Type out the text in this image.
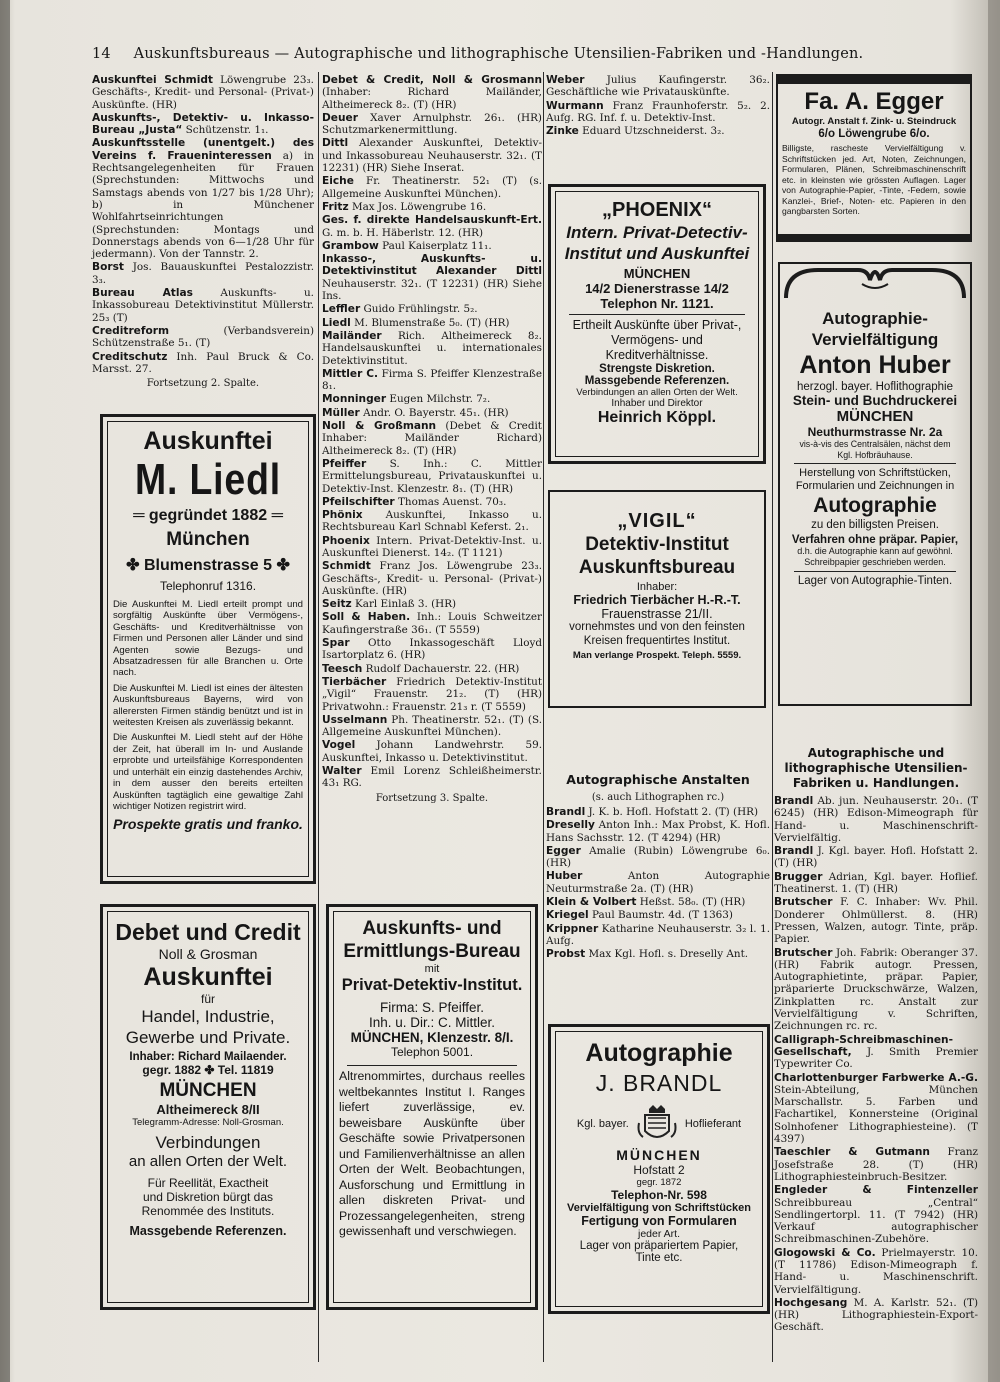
14 Auskunftsbureaus — Autographische und lithographische Utensilien-Fabriken und -Handlungen.

Auskunftei Schmidt Löwengrube 23₃. Geschäfts-, Kredit- und Personal- (Privat-) Auskünfte. (HR)

Auskunfts-, Detektiv- u. Inkasso-Bureau „Justa“ Schützenstr. 1₁.

Auskunftsstelle (unentgelt.) des Vereins f. Fraueninteressen a) in Rechtsangelegenheiten für Frauen (Sprechstunden: Mittwochs und Samstags abends von 1/27 bis 1/28 Uhr); b) in Münchener Wohlfahrtseinrichtungen (Sprechstunden: Montags und Donnerstags abends von 6—1/28 Uhr für jedermann). Von der Tannstr. 2.

Borst Jos. Bauauskunftei Pestalozzistr. 3₃.

Bureau Atlas Auskunfts- u. Inkassobureau Detektivinstitut Müllerstr. 25₃ (T)

Creditreform (Verbandsverein) Schützenstraße 5₁. (T)

Creditschutz Inh. Paul Bruck & Co. Marsst. 27.

Fortsetzung 2. Spalte.
Auskunftei
M. Liedl
═ gegründet 1882 ═
München
✤ Blumenstrasse 5 ✤
Telephonruf 1316.
Die Auskunftei M. Liedl erteilt prompt und sorgfältig Auskünfte über Vermögens-, Geschäfts- und Kreditverhältnisse von Firmen und Personen aller Länder und sind Agenten sowie Bezugs- und Absatzadressen für alle Branchen u. Orte nach.
Die Auskunftei M. Liedl ist eines der ältesten Auskunftsbureaus Bayerns, wird von allerersten Firmen ständig benützt und ist in weitesten Kreisen als zuverlässig bekannt.
Die Auskunftei M. Liedl steht auf der Höhe der Zeit, hat überall im In- und Auslande erprobte und urteilsfähige Korrespondenten und unterhält ein einzig dastehendes Archiv, in dem ausser den bereits erteilten Auskünften tagtäglich eine gewaltige Zahl wichtiger Notizen registrirt wird.
Prospekte gratis und franko.
Debet und Credit
Noll & Grosman
Auskunftei
für
Handel, Industrie,
Gewerbe und Private.
Inhaber: Richard Mailaender.
gegr. 1882 ✤ Tel. 11819
MÜNCHEN
Altheimereck 8/II
Telegramm-Adresse: Noll-Grosman.
Verbindungen
an allen Orten der Welt.
Für Reellität, Exactheit
und Diskretion bürgt das
Renommée des Instituts.
Massgebende Referenzen.

Debet & Credit, Noll & Grosmann (Inhaber: Richard Mailänder, Altheimereck 8₂. (T) (HR)

Deuer Xaver Arnulphstr. 26₁. (HR) Schutzmarkenermittlung.

Dittl Alexander Auskunftei, Detektiv- und Inkassobureau Neuhauserstr. 32₁. (T 12231) (HR) Siehe Inserat.

Eiche Fr. Theatinerstr. 52₁ (T) (s. Allgemeine Auskunftei München).

Fritz Max Jos. Löwengrube 16.

Ges. f. direkte Handelsauskunft-Ert. G. m. b. H. Häberlstr. 12. (HR)

Grambow Paul Kaiserplatz 11₁.

Inkasso-, Auskunfts- u. Detektivinstitut Alexander Dittl Neuhauserstr. 32₁. (T 12231) (HR) Siehe Ins.

Leffler Guido Frühlingstr. 5₂.

Liedl M. Blumenstraße 5₀. (T) (HR)

Mailänder Rich. Altheimereck 8₂. Handelsauskunftei u. internationales Detektivinstitut.

Mittler C. Firma S. Pfeiffer Klenzestraße 8₁.

Monninger Eugen Milchstr. 7₂.

Müller Andr. O. Bayerstr. 45₁. (HR)

Noll & Großmann (Debet & Credit Inhaber: Mailänder Richard) Altheimereck 8₂. (T) (HR)

Pfeiffer S. Inh.: C. Mittler Ermittelungsbureau, Privatauskunftei u. Detektiv-Inst. Klenzestr. 8₁. (T) (HR)

Pfeilschifter Thomas Auenst. 70₃.

Phönix Auskunftei, Inkasso u. Rechtsbureau Karl Schnabl Keferst. 2₁.

Phoenix Intern. Privat-Detektiv-Inst. u. Auskunftei Dienerst. 14₂. (T 1121)

Schmidt Franz Jos. Löwengrube 23₃. Geschäfts-, Kredit- u. Personal- (Privat-) Auskünfte. (HR)

Seitz Karl Einlaß 3. (HR)

Soll & Haben. Inh.: Louis Schweitzer Kaufingerstraße 36₁. (T 5559)

Spar Otto Inkassogeschäft Lloyd Isartorplatz 6. (HR)

Teesch Rudolf Dachauerstr. 22. (HR)

Tierbächer Friedrich Detektiv-Institut „Vigil“ Frauenstr. 21₂. (T) (HR) Privatwohn.: Frauenstr. 21₃ r. (T 5559)

Usselmann Ph. Theatinerstr. 52₁. (T) (S. Allgemeine Auskunftei München).

Vogel Johann Landwehrstr. 59. Auskunftei, Inkasso u. Detektivinstitut.

Walter Emil Lorenz Schleißheimerstr. 43₁ RG.

Fortsetzung 3. Spalte.
Auskunfts- und
Ermittlungs-Bureau
mit
Privat-Detektiv-Institut.
Firma: S. Pfeiffer.
Inh. u. Dir.: C. Mittler.
MÜNCHEN, Klenzestr. 8/I.
Telephon 5001.
Altrenommirtes, durchaus reelles weltbekanntes Institut I. Ranges liefert zuverlässige, ev. beweisbare Auskünfte über Geschäfte sowie Privatpersonen und Familienverhältnisse an allen Orten der Welt. Beobachtungen, Ausforschung und Ermittlung in allen diskreten Privat- und Prozessangelegenheiten, streng gewissenhaft und verschwiegen.

Weber Julius Kaufingerstr. 36₂. Geschäftliche wie Privatauskünfte.

Wurmann Franz Fraunhoferstr. 5₂. 2. Aufg. RG. Inf. f. u. Detektiv-Inst.

Zinke Eduard Utzschneiderst. 3₂.

„PHOENIX“
Intern. Privat-Detectiv-
Institut und Auskunftei
MÜNCHEN
14/2 Dienerstrasse 14/2
Telephon Nr. 1121.
Ertheilt Auskünfte über Privat-, Vermögens- und Kreditverhältnisse.
Strengste Diskretion.
Massgebende Referenzen.
Verbindungen an allen Orten der Welt.
Inhaber und Direktor
Heinrich Köppl.
„VIGIL“
Detektiv-Institut
Auskunftsbureau
Inhaber:
Friedrich Tierbächer H.-R.-T.
Frauenstrasse 21/II.
vornehmstes und von den feinsten Kreisen frequentirtes Institut.
Man verlange Prospekt. Teleph. 5559.
Autographische Anstalten
(s. auch Lithographen rc.)

Brandl J. K. b. Hofl. Hofstatt 2. (T) (HR)

Dreselly Anton Inh.: Max Probst, K. Hofl. Hans Sachsstr. 12. (T 4294) (HR)

Egger Amalie (Rubin) Löwengrube 6₀. (HR)

Huber Anton Autographie Neuturmstraße 2a. (T) (HR)

Klein & Volbert Heßst. 58₀. (T) (HR)

Kriegel Paul Baumstr. 4d. (T 1363)

Krippner Katharine Neuhauserstr. 3₂ l. 1. Aufg.

Probst Max Kgl. Hofl. s. Dreselly Ant.

Autographie
J. BRANDL
Kgl. bayer.	Hoflieferant
MÜNCHEN
Hofstatt 2
gegr. 1872
Telephon-Nr. 598
Vervielfältigung von Schriftstücken
Fertigung von Formularen
jeder Art.
Lager von präpariertem Papier,
Tinte etc.
Fa. A. Egger
Autogr. Anstalt f. Zink- u. Steindruck
6/o Löwengrube 6/o.
Billigste, rascheste Vervielfältigung v. Schriftstücken jed. Art, Noten, Zeichnungen, Formularen, Plänen, Schreibmaschinenschrift etc. in kleinsten wie grössten Auflagen. Lager von Autographie-Papier, -Tinte, -Federn, sowie Kanzlei-, Brief-, Noten- etc. Papieren in den gangbarsten Sorten.
Autographie-
Vervielfältigung
Anton Huber
herzogl. bayer. Hoflithographie
Stein- und Buchdruckerei
MÜNCHEN
Neuthurmstrasse Nr. 2a
vis-à-vis des Centralsälen, nächst dem Kgl. Hofbräuhause.
Herstellung von Schriftstücken, Formularien und Zeichnungen in
Autographie
zu den billigsten Preisen.
Verfahren ohne präpar. Papier,
d.h. die Autographie kann auf gewöhnl. Schreibpapier geschrieben werden.
Lager von Autographie-Tinten.
Autographische und lithographische Utensilien-Fabriken u. Handlungen.

Brandl Ab. jun. Neuhauserstr. 20₁. (T 6245) (HR) Edison-Mimeograph für Hand- u. Maschinenschrift-Vervielfältig.

Brandl J. Kgl. bayer. Hofl. Hofstatt 2. (T) (HR)

Brugger Adrian, Kgl. bayer. Hoflief. Theatinerst. 1. (T) (HR)

Brutscher F. C. Inhaber: Wv. Phil. Donderer Ohlmüllerst. 8. (HR) Pressen, Walzen, autogr. Tinte, präp. Papier.

Brutscher Joh. Fabrik: Oberanger 37. (HR) Fabrik autogr. Pressen, Autographietinte, präpar. Papier, präparierte Druckschwärze, Walzen, Zinkplatten rc. Anstalt zur Vervielfältigung v. Schriften, Zeichnungen rc. rc.

Calligraph-Schreibmaschinen-Gesellschaft, J. Smith Premier Typewriter Co.

Charlottenburger Farbwerke A.-G. Stein-Abteilung, München Marschallstr. 5. Farben und Fachartikel, Konnersteine (Original Solnhofener Lithographiesteine). (T 4397)

Taeschler & Gutmann Franz Josefstraße 28. (T) (HR) Lithographiesteinbruch-Besitzer.

Engleder & Fintenzeller Schreibbureau „Central“ Sendlingertorpl. 11. (T 7942) (HR) Verkauf autographischer Schreibmaschinen-Zubehöre.

Glogowski & Co. Prielmayerstr. 10. (T 11786) Edison-Mimeograph f. Hand- u. Maschinenschrift. Vervielfältigung.

Hochgesang M. A. Karlstr. 52₁. (T) (HR) Lithographiestein-Export-Geschäft.
